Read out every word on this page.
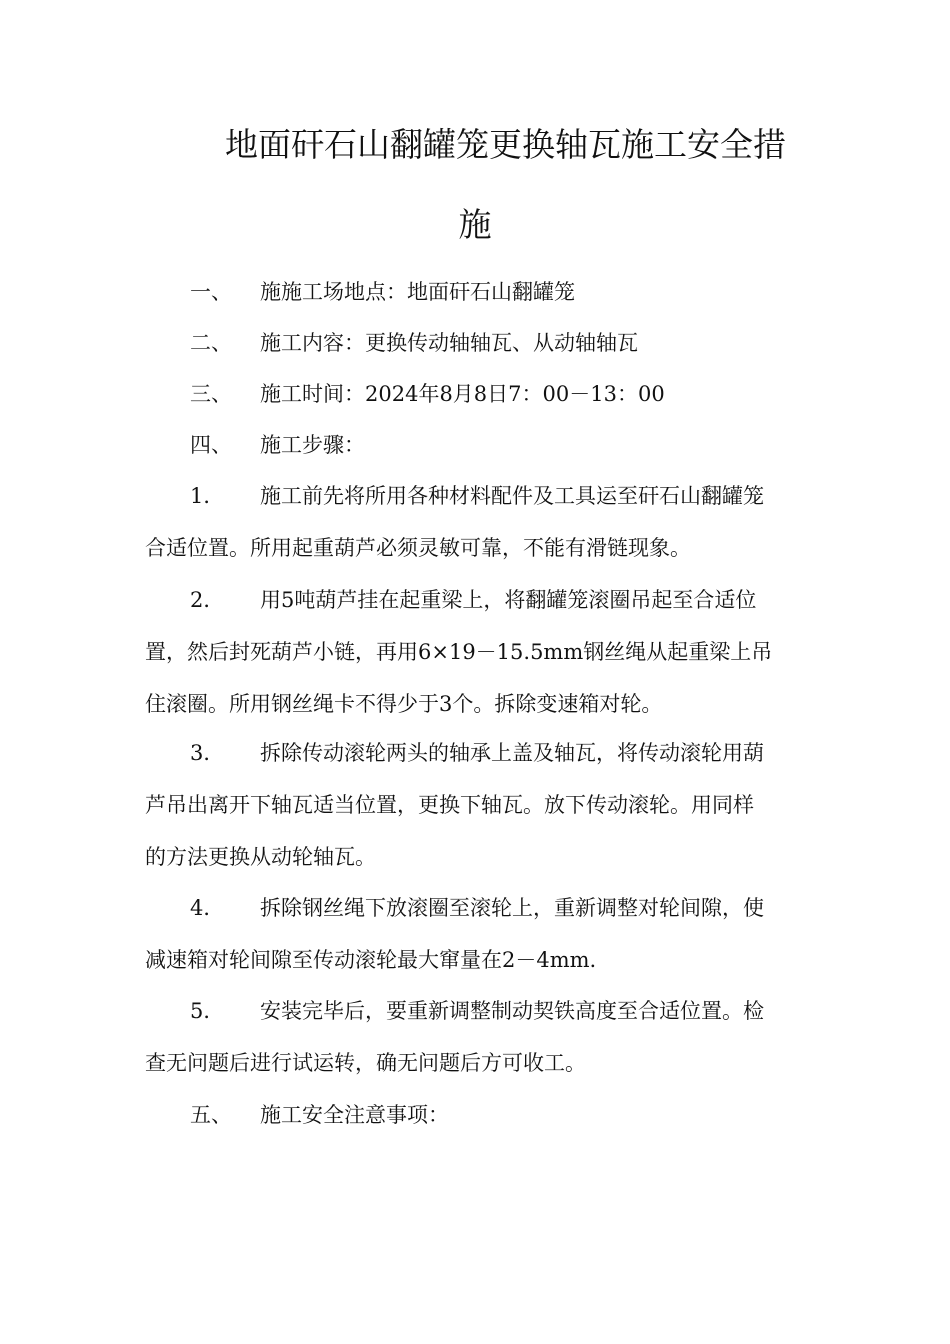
地面矸石山翻罐笼更换轴瓦施工安全措
施
一、 施施工场地点：地面矸石山翻罐笼
二、 施工内容：更换传动轴轴瓦、从动轴轴瓦
三、 施工时间：2024年8月8日7：00－13：00
四、 施工步骤：
1． 施工前先将所用各种材料配件及工具运至矸石山翻罐笼
合适位置。所用起重葫芦必须灵敏可靠，不能有滑链现象。
2． 用5吨葫芦挂在起重梁上，将翻罐笼滚圈吊起至合适位
置，然后封死葫芦小链，再用6×19－15.5mm钢丝绳从起重梁上吊
住滚圈。所用钢丝绳卡不得少于3个。拆除变速箱对轮。
3． 拆除传动滚轮两头的轴承上盖及轴瓦，将传动滚轮用葫
芦吊出离开下轴瓦适当位置，更换下轴瓦。放下传动滚轮。用同样
的方法更换从动轮轴瓦。
4． 拆除钢丝绳下放滚圈至滚轮上，重新调整对轮间隙，使
减速箱对轮间隙至传动滚轮最大窜量在2－4mm.
5． 安装完毕后，要重新调整制动契铁高度至合适位置。检
查无问题后进行试运转，确无问题后方可收工。
五、 施工安全注意事项：
